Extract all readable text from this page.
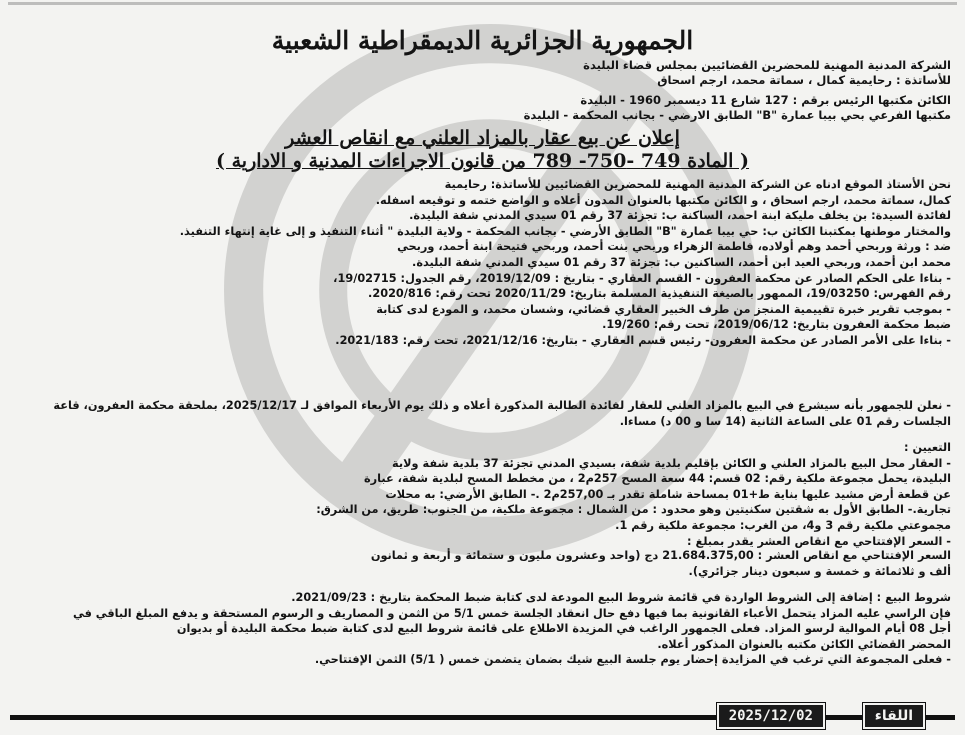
الجمهورية الجزائرية الديمقراطية الشعبية
الشركة المدنية المهنية للمحضرين القضائيين بمجلس قضاء البليدة
للأساتذة : رحايمية كمال ، سماتة محمد، ارجم اسحاق
الكائن مكتبها الرئيس برقم : 127 شارع 11 ديسمبر 1960 - البليدة
مكتبها الفرعي بحي بيبا عمارة "B" الطابق الارضي - بجانب المحكمة - البليدة
إعلان عن بيع عقار بالمزاد العلني مع انقاص العشر
( المادة 749 -750- 789 من قانون الاجراءات المدنية و الادارية )

نحن الأستاذ الموقع ادناه عن الشركة المدنية المهنية للمحضرين القضائيين للأساتذة: رحايمية

كمال، سماتة محمد، ارجم اسحاق ، و الكائن مكتبها بالعنوان المدون أعلاه و الواضع ختمه و توقيعه اسفله.

لفائدة السيدة: بن يخلف مليكة ابنة احمد، الساكنة ب: تجزئة 37 رقم 01 سيدي المدني شفة البليدة.

والمختار موطنها بمكتبنا الكائن ب: حي بيبا عمارة "B" الطابق الأرضي - بجانب المحكمة - ولاية البليدة " أثناء التنفيذ و إلى غاية إنتهاء التنفيذ.

ضد : ورثة وربحي أحمد وهم أولاده، فاطمة الزهراء وربحي بنت أحمد، وربحي فتيحة ابنة أحمد، وربحي

محمد ابن أحمد، وربحي العيد ابن أحمد، الساكنين ب: تجزئة 37 رقم 01 سيدي المدني شفة البليدة.

- بناءا على الحكم الصادر عن محكمة العفرون - القسم العقاري - بتاريخ : 2019/12/09، رقم الجدول: 19/02715،

رقم الفهرس: 19/03250، الممهور بالصيغة التنفيذية المسلمة بتاريخ: 2020/11/29 تحت رقم: 2020/816.

- بموجب تقرير خبرة تقييمية المنجز من طرف الخبير العقاري قضائي، وشسان محمد، و المودع لدى كتابة

ضبط محكمة العفرون بتاريخ: 2019/06/12، تحت رقم: 19/260.

- بناءا على الأمر الصادر عن محكمة العفرون- رئيس قسم العقاري - بتاريخ: 2021/12/16، تحت رقم: 2021/183.

- نعلن للجمهور بأنه سيشرع في البيع بالمزاد العلني للعقار لفائدة الطالبة المذكورة أعلاه و ذلك يوم الأربعاء الموافق لـ 2025/12/17، بملحقة محكمة العفرون، قاعة

الجلسات رقم 01 على الساعة الثانية (14 سا و 00 د) مساءا.

التعيين :

- العقار محل البيع بالمزاد العلني و الكائن بإقليم بلدية شفة، بسيدي المدني تجزئة 37 بلدية شفة ولاية

البليدة، يحمل مجموعة ملكية رقم: 02 قسم: 44 سعة المسح 257م2 ، من مخطط المسح لبلدية شفة، عبارة

عن قطعة أرض مشيد عليها بناية ط+01 بمساحة شاملة تقدر بـ 257,00م2 .- الطابق الأرضي: به محلات

تجارية.- الطابق الأول به شقتين سكنيتين وهو محدود : من الشمال : مجموعة ملكية، من الجنوب: طريق، من الشرق:

مجموعتي ملكية رقم 3 و4، من الغرب: مجموعة ملكية رقم 1.

- السعر الإفتتاحي مع انقاص العشر يقدر بمبلغ :

السعر الإفتتاحي مع انقاص العشر : 21.684.375,00 دج (واحد وعشرون مليون و ستمائة و أربعة و ثمانون

ألف و ثلاثمائة و خمسة و سبعون دينار جزائري).

شروط البيع : إضافة إلى الشروط الواردة في قائمة شروط البيع المودعة لدى كتابة ضبط المحكمة بتاريخ : 2021/09/23.

فإن الراسي عليه المزاد يتحمل الأعباء القانونية بما فيها دفع حال انعقاد الجلسة خمس 5/1 من الثمن و المصاريف و الرسوم المستحقة و يدفع المبلغ الباقي في

أجل 08 أيام الموالية لرسو المزاد. فعلى الجمهور الراغب في المزيدة الاطلاع على قائمة شروط البيع لدى كتابة ضبط محكمة البليدة أو بديوان

المحضر القضائي الكائن مكتبه بالعنوان المذكور أعلاه.

- فعلى المجموعة التي ترغب في المزايدة إحضار يوم جلسة البيع شيك بضمان يتضمن خمس ( 5/1) الثمن الإفتتاحي.

اللقاء
2025/12/02
